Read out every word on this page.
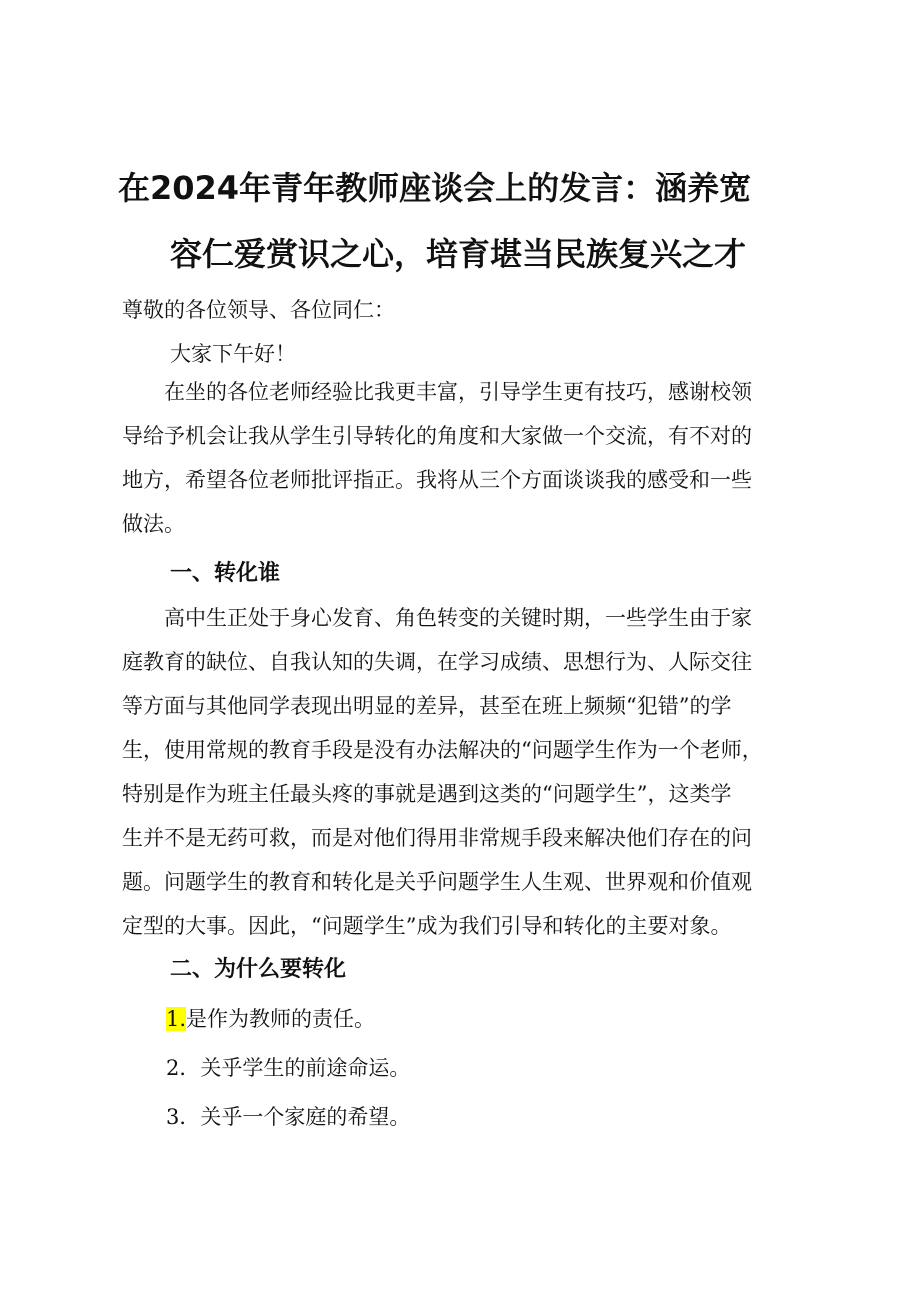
在2024年青年教师座谈会上的发言：涵养宽
容仁爱赏识之心，培育堪当民族复兴之才

尊敬的各位领导、各位同仁：

大家下午好！

　　在坐的各位老师经验比我更丰富，引导学生更有技巧，感谢校领
导给予机会让我从学生引导转化的角度和大家做一个交流，有不对的
地方，希望各位老师批评指正。我将从三个方面谈谈我的感受和一些
做法。
一、转化谁
　　高中生正处于身心发育、角色转变的关键时期，一些学生由于家
庭教育的缺位、自我认知的失调，在学习成绩、思想行为、人际交往
等方面与其他同学表现出明显的差异，甚至在班上频频“犯错”的学
生，使用常规的教育手段是没有办法解决的“问题学生作为一个老师，
特别是作为班主任最头疼的事就是遇到这类的“问题学生”，这类学
生并不是无药可救，而是对他们得用非常规手段来解决他们存在的问
题。问题学生的教育和转化是关乎问题学生人生观、世界观和价值观
定型的大事。因此，“问题学生”成为我们引导和转化的主要对象。
二、为什么要转化

1.是作为教师的责任。

2．关乎学生的前途命运。

3．关乎一个家庭的希望。
